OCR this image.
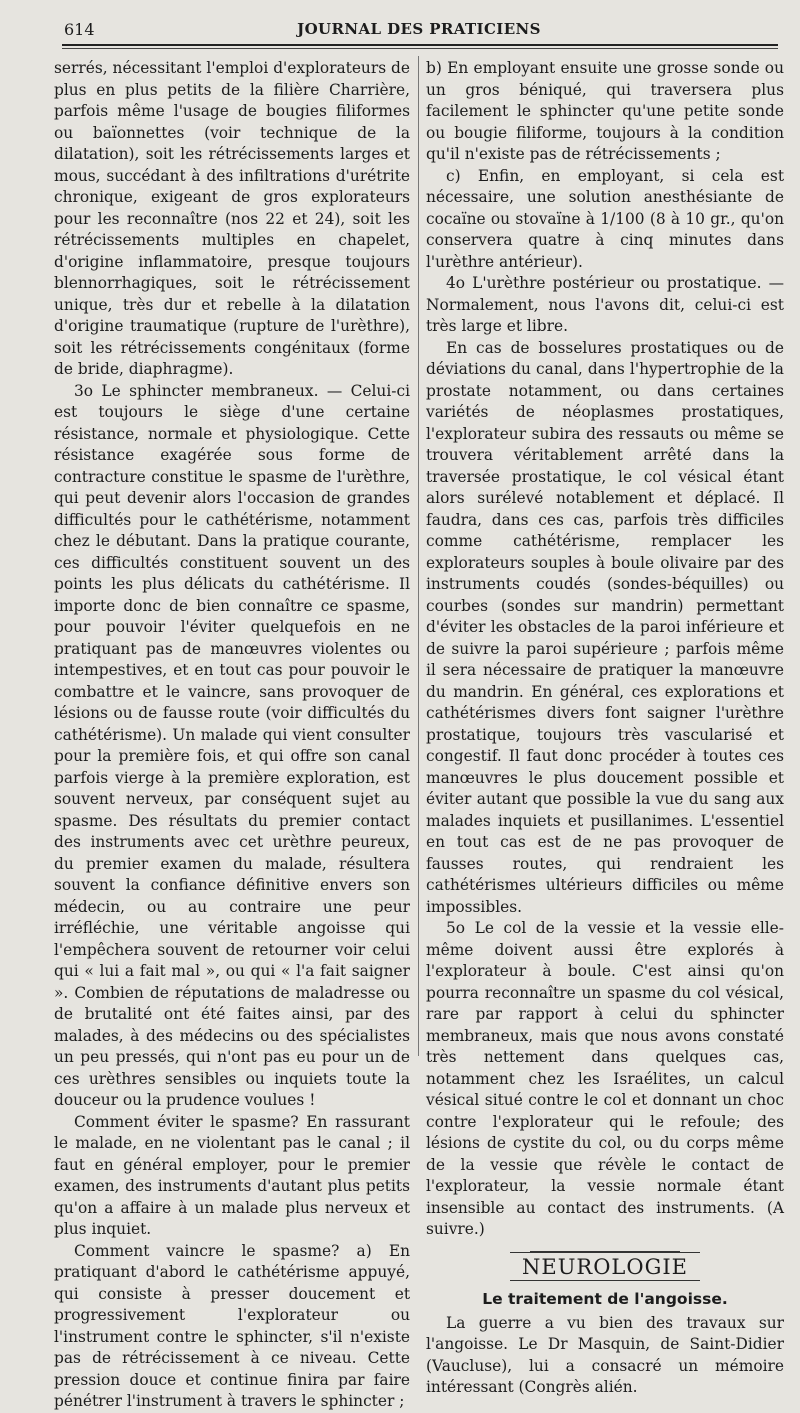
614	JOURNAL DES PRATICIENS

serrés, nécessitant l'emploi d'explorateurs de plus en plus petits de la filière Charrière, parfois même l'usage de bougies filiformes ou baïonnettes (voir technique de la dilatation), soit les rétrécissements larges et mous, succédant à des infiltrations d'urétrite chronique, exigeant de gros explorateurs pour les reconnaître (nos 22 et 24), soit les rétrécissements multiples en chapelet, d'origine inflammatoire, presque toujours blennorrhagiques, soit le rétrécissement unique, très dur et rebelle à la dilatation d'origine traumatique (rupture de l'urèthre), soit les rétrécissements congénitaux (forme de bride, diaphragme).

3o Le sphincter membraneux. — Celui-ci est toujours le siège d'une certaine résistance, normale et physiologique. Cette résistance exagérée sous forme de contracture constitue le spasme de l'urèthre, qui peut devenir alors l'occasion de grandes difficultés pour le cathétérisme, notamment chez le débutant. Dans la pratique courante, ces difficultés constituent souvent un des points les plus délicats du cathétérisme. Il importe donc de bien connaître ce spasme, pour pouvoir l'éviter quelquefois en ne pratiquant pas de manœuvres violentes ou intempestives, et en tout cas pour pouvoir le combattre et le vaincre, sans provoquer de lésions ou de fausse route (voir difficultés du cathétérisme). Un malade qui vient consulter pour la première fois, et qui offre son canal parfois vierge à la première exploration, est souvent nerveux, par conséquent sujet au spasme. Des résultats du premier contact des instruments avec cet urèthre peureux, du premier examen du malade, résultera souvent la confiance définitive envers son médecin, ou au contraire une peur irréfléchie, une véritable angoisse qui l'empêchera souvent de retourner voir celui qui « lui a fait mal », ou qui « l'a fait saigner ». Combien de réputations de maladresse ou de brutalité ont été faites ainsi, par des malades, à des médecins ou des spécialistes un peu pressés, qui n'ont pas eu pour un de ces urèthres sensibles ou inquiets toute la douceur ou la prudence voulues !

Comment éviter le spasme? En rassurant le malade, en ne violentant pas le canal ; il faut en général employer, pour le premier examen, des instruments d'autant plus petits qu'on a affaire à un malade plus nerveux et plus inquiet.

Comment vaincre le spasme? a) En pratiquant d'abord le cathétérisme appuyé, qui consiste à presser doucement et progressivement l'explorateur ou l'instrument contre le sphincter, s'il n'existe pas de rétrécissement à ce niveau. Cette pression douce et continue finira par faire pénétrer l'instrument à travers le sphincter ;

b) En employant ensuite une grosse sonde ou un gros béniqué, qui traversera plus facilement le sphincter qu'une petite sonde ou bougie filiforme, toujours à la condition qu'il n'existe pas de rétrécissements ;

c) Enfin, en employant, si cela est nécessaire, une solution anesthésiante de cocaïne ou stovaïne à 1/100 (8 à 10 gr., qu'on conservera quatre à cinq minutes dans l'urèthre antérieur).

4o L'urèthre postérieur ou prostatique. — Normalement, nous l'avons dit, celui-ci est très large et libre.

En cas de bosselures prostatiques ou de déviations du canal, dans l'hypertrophie de la prostate notamment, ou dans certaines variétés de néoplasmes prostatiques, l'explorateur subira des ressauts ou même se trouvera véritablement arrêté dans la traversée prostatique, le col vésical étant alors surélevé notablement et déplacé. Il faudra, dans ces cas, parfois très difficiles comme cathétérisme, remplacer les explorateurs souples à boule olivaire par des instruments coudés (sondes-béquilles) ou courbes (sondes sur mandrin) permettant d'éviter les obstacles de la paroi inférieure et de suivre la paroi supérieure ; parfois même il sera nécessaire de pratiquer la manœuvre du mandrin. En général, ces explorations et cathétérismes divers font saigner l'urèthre prostatique, toujours très vascularisé et congestif. Il faut donc procéder à toutes ces manœuvres le plus doucement possible et éviter autant que possible la vue du sang aux malades inquiets et pusillanimes. L'essentiel en tout cas est de ne pas provoquer de fausses routes, qui rendraient les cathétérismes ultérieurs difficiles ou même impossibles.

5o Le col de la vessie et la vessie elle-même doivent aussi être explorés à l'explorateur à boule. C'est ainsi qu'on pourra reconnaître un spasme du col vésical, rare par rapport à celui du sphincter membraneux, mais que nous avons constaté très nettement dans quelques cas, notamment chez les Israélites, un calcul vésical situé contre le col et donnant un choc contre l'explorateur qui le refoule; des lésions de cystite du col, ou du corps même de la vessie que révèle le contact de l'explorateur, la vessie normale étant insensible au contact des instruments. (A suivre.)

NEUROLOGIE
Le traitement de l'angoisse.

La guerre a vu bien des travaux sur l'angoisse. Le Dr Masquin, de Saint-Didier (Vaucluse), lui a consacré un mémoire intéressant (Congrès alién.
